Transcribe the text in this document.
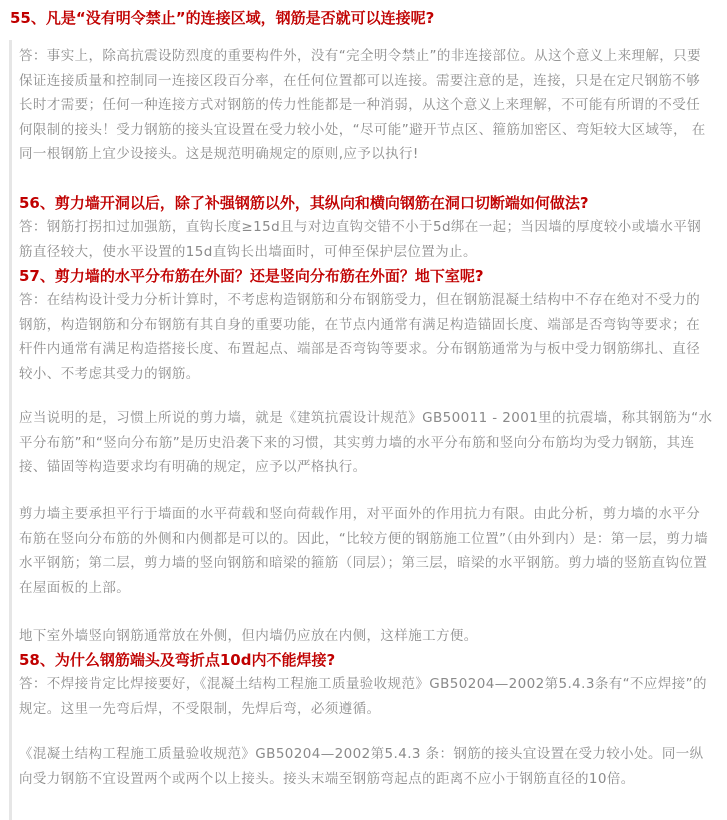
55、凡是“没有明令禁止”的连接区域，钢筋是否就可以连接呢?
答：事实上，除高抗震设防烈度的重要构件外，没有“完全明令禁止”的非连接部位。从这个意义上来理解，只要保证连接质量和控制同一连接区段百分率，在任何位置都可以连接。需要注意的是，连接，只是在定尺钢筋不够长时才需要；任何一种连接方式对钢筋的传力性能都是一种消弱，从这个意义上来理解，不可能有所谓的不受任何限制的接头！受力钢筋的接头宜设置在受力较小处，“尽可能”避开节点区、箍筋加密区、弯矩较大区域等， 在同一根钢筋上宜少设接头。这是规范明确规定的原则,应予以执行!
56、剪力墙开洞以后，除了补强钢筋以外，其纵向和横向钢筋在洞口切断端如何做法?
答：钢筋打拐扣过加强筋，直钩长度≥15d且与对边直钩交错不小于5d绑在一起；当因墙的厚度较小或墙水平钢筋直径较大，使水平设置的15d直钩长出墙面时，可伸至保护层位置为止。
57、剪力墙的水平分布筋在外面？还是竖向分布筋在外面？地下室呢?
答：在结构设计受力分析计算时，不考虑构造钢筋和分布钢筋受力，但在钢筋混凝土结构中不存在绝对不受力的钢筋，构造钢筋和分布钢筋有其自身的重要功能，在节点内通常有满足构造锚固长度、端部是否弯钩等要求；在杆件内通常有满足构造搭接长度、布置起点、端部是否弯钩等要求。分布钢筋通常为与板中受力钢筋绑扎、直径较小、不考虑其受力的钢筋。
应当说明的是，习惯上所说的剪力墙，就是《建筑抗震设计规范》GB50011 - 2001里的抗震墙，称其钢筋为“水平分布筋”和“竖向分布筋”是历史沿袭下来的习惯，其实剪力墙的水平分布筋和竖向分布筋均为受力钢筋，其连接、锚固等构造要求均有明确的规定，应予以严格执行。
剪力墙主要承担平行于墙面的水平荷载和竖向荷载作用，对平面外的作用抗力有限。由此分析，剪力墙的水平分布筋在竖向分布筋的外侧和内侧都是可以的。因此，“比较方便的钢筋施工位置”（由外到内）是：第一层，剪力墙水平钢筋；第二层，剪力墙的竖向钢筋和暗梁的箍筋（同层）；第三层，暗梁的水平钢筋。剪力墙的竖筋直钩位置在屋面板的上部。
地下室外墙竖向钢筋通常放在外侧，但内墙仍应放在内侧，这样施工方便。
58、为什么钢筋端头及弯折点10d内不能焊接?
答：不焊接肯定比焊接要好，《混凝土结构工程施工质量验收规范》GB50204—2002第5.4.3条有“不应焊接”的规定。这里一先弯后焊，不受限制，先焊后弯，必须遵循。
《混凝土结构工程施工质量验收规范》GB50204—2002第5.4.3 条：钢筋的接头宜设置在受力较小处。同一纵向受力钢筋不宜设置两个或两个以上接头。接头末端至钢筋弯起点的距离不应小于钢筋直径的10倍。
